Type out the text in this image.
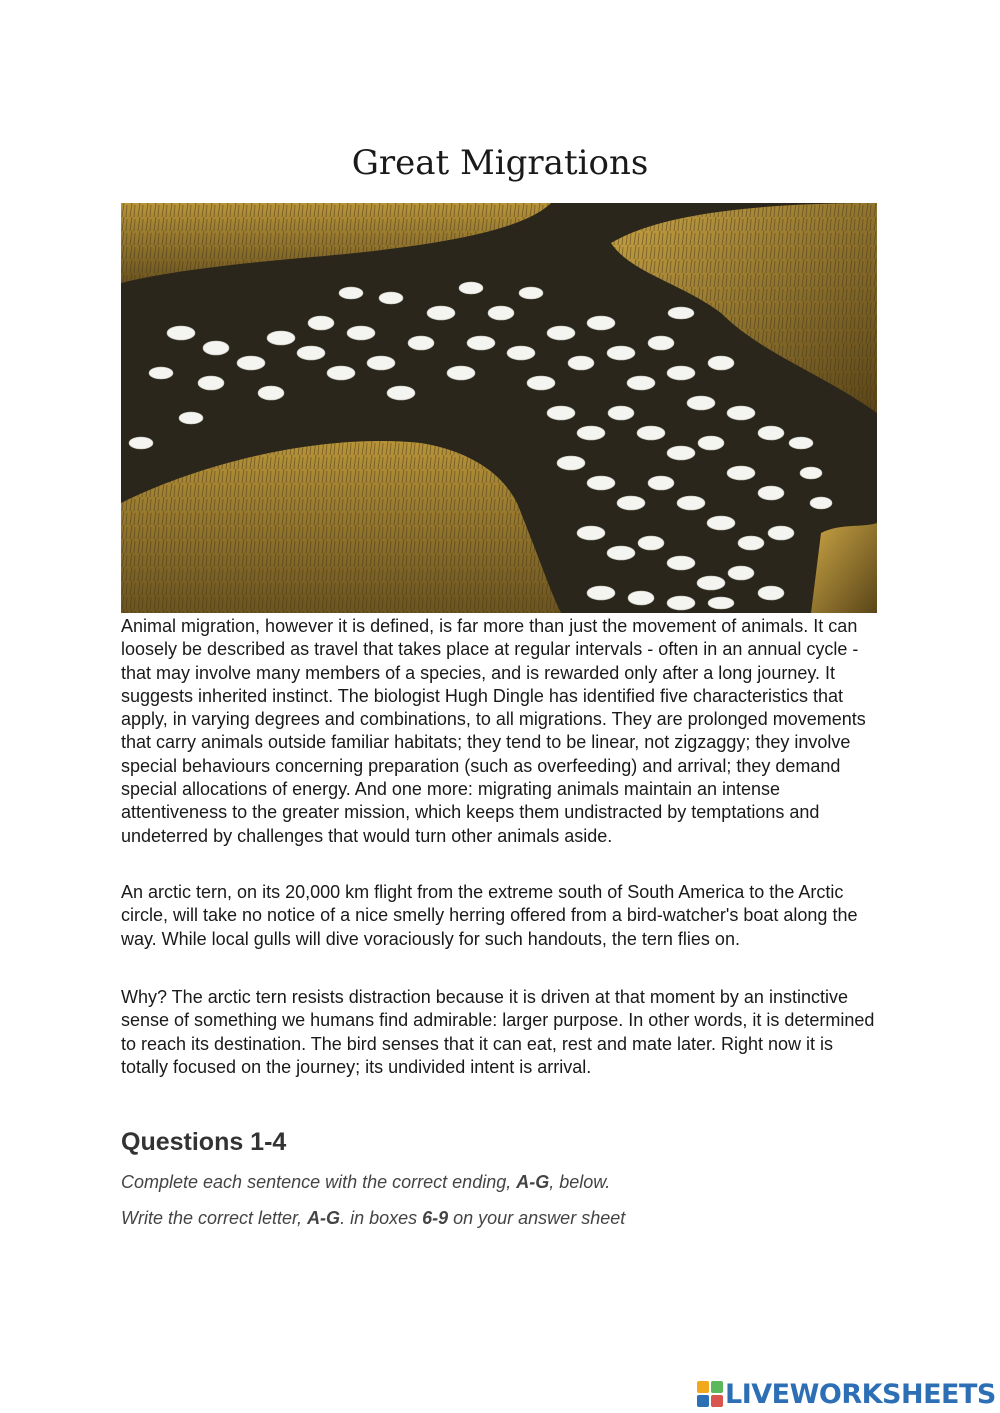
Great Migrations

Animal migration, however it is defined, is far more than just the movement of animals. It can loosely be described as travel that takes place at regular intervals - often in an annual cycle - that may involve many members of a species, and is rewarded only after a long journey. It suggests inherited instinct. The biologist Hugh Dingle has identified five characteristics that apply, in varying degrees and combinations, to all migrations. They are prolonged movements that carry animals outside familiar habitats; they tend to be linear, not zigzaggy; they involve special behaviours concerning preparation (such as overfeeding) and arrival; they demand special allocations of energy. And one more: migrating animals maintain an intense attentiveness to the greater mission, which keeps them undistracted by temptations and undeterred by challenges that would turn other animals aside.

An arctic tern, on its 20,000 km flight from the extreme south of South America to the Arctic circle, will take no notice of a nice smelly herring offered from a bird-watcher's boat along the way. While local gulls will dive voraciously for such handouts, the tern flies on.

Why? The arctic tern resists distraction because it is driven at that moment by an instinctive sense of something we humans find admirable: larger purpose. In other words, it is determined to reach its destination. The bird senses that it can eat, rest and mate later. Right now it is totally focused on the journey; its undivided intent is arrival.

Questions 1-4

Complete each sentence with the correct ending, A-G, below.

Write the correct letter, A-G. in boxes 6-9 on your answer sheet

LIVEWORKSHEETS
